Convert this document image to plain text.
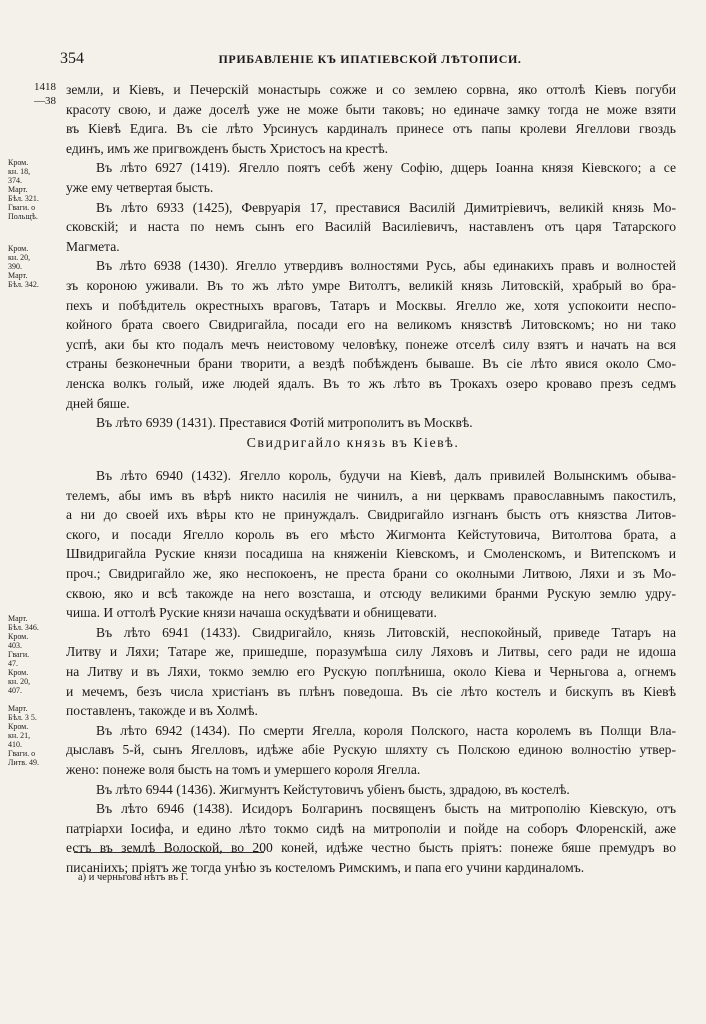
354	ПРИБАВЛЕНІЕ КЪ ИПАТІЕВСКОЙ ЛѢТОПИСИ.
1418
—38
Кром.
кн. 18,
374.
Март.
Бѣл. 321.
Гваги. о
Польщѣ.
Кром.
кн. 20,
390.
Март.
Бѣл. 342.
Март.
Бѣл. 346.
Кром.
403.
Гваги.
47.
Кром.
кн. 20,
407.
Март.
Бѣл. 3 5.
Кром.
кн. 21,
410.
Гваги. о
Литв. 49.
земли, и Кіевъ, и Печерскій монастырь сожже и со землею сорвна, яко оттолѣ Кіевъ погуби
красоту свою, и даже доселѣ уже не може быти таковъ; но единаче замку тогда не може взяти
въ Кіевѣ Едига. Въ сіе лѣто Урсинусъ кардиналъ принесе отъ папы кролеви Ягеллови гвоздь
единъ, имъ же пригвожденъ бысть Христосъ на крестѣ.
Въ лѣто 6927 (1419). Ягелло поятъ себѣ жену Софію, дщерь Іоанна князя Кіевского; а се
уже ему четвертая бысть.
Въ лѣто 6933 (1425), Февруарія 17, преставися Василій Димитріевичъ, великій князь Мо-
сковскій; и наста по немъ сынъ его Василій Василіевичъ, наставленъ отъ царя Татарского
Магмета.
Въ лѣто 6938 (1430). Ягелло утвердивъ волностями Русь, абы единакихъ правъ и волностей
зъ короною уживали. Въ то жъ лѣто умре Витолтъ, великій князь Литовскій, храбрый во бра-
пехъ и побѣдитель окрестныхъ враговъ, Татаръ и Москвы. Ягелло же, хотя успокоити неспо-
койного брата своего Свидригайла, посади его на великомъ князствѣ Литовскомъ; но ни тако
успѣ, аки бы кто подалъ мечъ неистовому человѣку, понеже отселѣ силу взятъ и начать на вся
страны безконечныи брани творити, а вездѣ побѣжденъ бываше. Въ сіе лѣто явися около Смо-
ленска волкъ голый, иже людей ядалъ. Въ то жъ лѣто въ Трокахъ озеро кроваво презъ седмъ
дней бяше.
Въ лѣто 6939 (1431). Преставися Фотій митрополитъ въ Москвѣ.
Свидригайло князь въ Кіевѣ.
Въ лѣто 6940 (1432). Ягелло король, будучи на Кіевѣ, далъ привилей Волынскимъ обыва-
телемъ, абы имъ въ вѣрѣ никто насилія не чинилъ, а ни церквамъ православнымъ пакостилъ,
а ни до своей ихъ вѣры кто не принуждалъ. Свидригайло изгнанъ бысть отъ князства Литов-
ского, и посади Ягелло король въ его мѣсто Жигмонта Кейстутовича, Витолтова брата, а
Швидригайла Руские князи посадиша на княженіи Кіевскомъ, и Смоленскомъ, и Витепскомъ и
проч.; Свидригайло же, яко неспокоенъ, не преста брани со околными Литвою, Ляхи и зъ Мо-
сквою, яко и всѣ такожде на него возсташа, и отсюду великими бранми Рускую землю удру-
чиша. И оттолѣ Руские князи начаша оскудѣвати и обнищевати.
Въ лѣто 6941 (1433). Свидригайло, князь Литовскій, неспокойный, приведе Татаръ на
Литву и Ляхи; Татаре же, пришедше, поразумѣша силу Ляховъ и Литвы, сего ради не идоша
на Литву и въ Ляхи, токмо землю его Рускую поплѣниша, около Кіева и Черньгова а, огнемъ
и мечемъ, безъ числа христіанъ въ плѣнъ поведоша. Въ сіе лѣто костелъ и бискупъ въ Кіевѣ
поставленъ, такожде и въ Холмѣ.
Въ лѣто 6942 (1434). По смерти Ягелла, короля Полского, наста королемъ въ Полщи Вла-
дыславъ 5-й, сынъ Ягелловъ, идѣже абіе Рускую шляхту съ Полскою единою волностію утвер-
жено: понеже воля бысть на томъ и умершего короля Ягелла.
Въ лѣто 6944 (1436). Жигмунтъ Кейстутовичъ убіенъ бысть, здрадою, въ костелѣ.
Въ лѣто 6946 (1438). Исидоръ Болгаринъ посвященъ бысть на митрополію Кіевскую, отъ
патріархи Іосифа, и едино лѣто токмо сидѣ на митрополіи и пойде на соборъ Флоренскій, аже
естъ въ землѣ Волоской, во 200 коней, идѣже честно бысть пріятъ: понеже бяше премудръ во
писаніихъ; пріятъ же тогда унѣю зъ костеломъ Римскимъ, и папа его учини кардиналомъ.
а) и черньгова нѣтъ въ Г.
